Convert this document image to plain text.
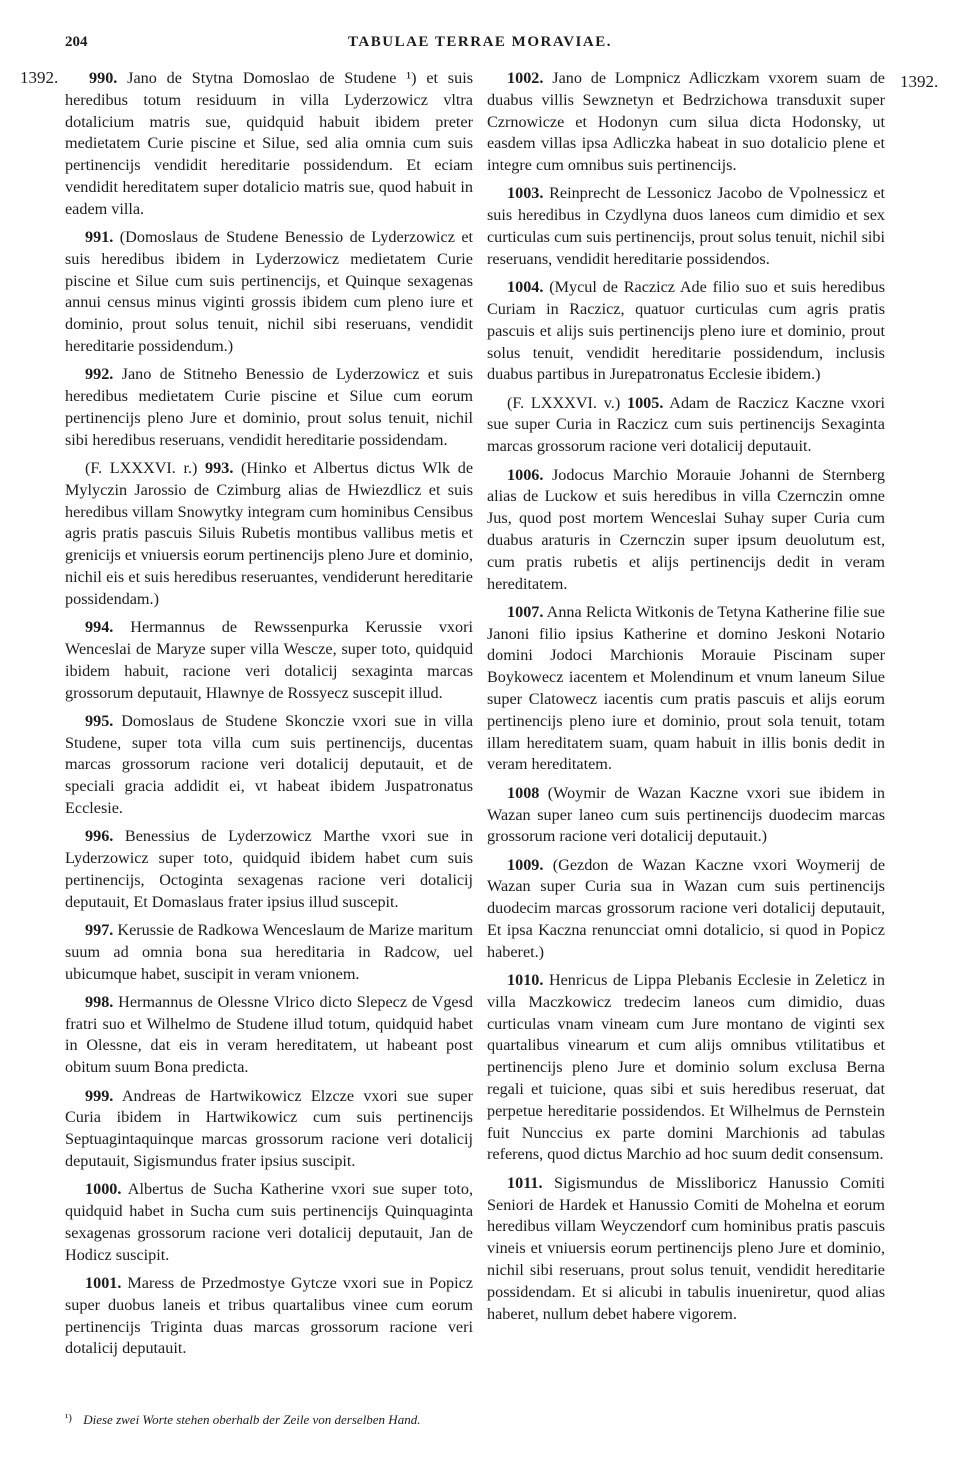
204	TABULAE TERRAE MORAVIAE.
1392.	1392.

990. Jano de Stytna Domoslao de Studene ¹) et suis heredibus totum residuum in villa Lyderzowicz vltra dotalicium matris sue, quidquid habuit ibidem preter medietatem Curie piscine et Silue, sed alia omnia cum suis pertinencijs vendidit hereditarie possidendum. Et eciam vendidit hereditatem super dotalicio matris sue, quod habuit in eadem villa.

991. (Domoslaus de Studene Benessio de Lyderzowicz et suis heredibus ibidem in Lyderzowicz medietatem Curie piscine et Silue cum suis pertinencijs, et Quinque sexagenas annui census minus viginti grossis ibidem cum pleno iure et dominio, prout solus tenuit, nichil sibi reseruans, vendidit hereditarie possidendum.)

992. Jano de Stitneho Benessio de Lyderzowicz et suis heredibus medietatem Curie piscine et Silue cum eorum pertinencijs pleno Jure et dominio, prout solus tenuit, nichil sibi heredibus reseruans, vendidit hereditarie possidendam.

(F. LXXXVI. r.) 993. (Hinko et Albertus dictus Wlk de Mylyczin Jarossio de Czimburg alias de Hwiezdlicz et suis heredibus villam Snowytky integram cum hominibus Censibus agris pratis pascuis Siluis Rubetis montibus vallibus metis et grenicijs et vniuersis eorum pertinencijs pleno Jure et dominio, nichil eis et suis heredibus reseruantes, vendiderunt hereditarie possidendam.)

994. Hermannus de Rewssenpurka Kerussie vxori Wenceslai de Maryze super villa Wescze, super toto, quidquid ibidem habuit, racione veri dotalicij sexaginta marcas grossorum deputauit, Hlawnye de Rossyecz suscepit illud.

995. Domoslaus de Studene Skonczie vxori sue in villa Studene, super tota villa cum suis pertinencijs, ducentas marcas grossorum racione veri dotalicij deputauit, et de speciali gracia addidit ei, vt habeat ibidem Juspatronatus Ecclesie.

996. Benessius de Lyderzowicz Marthe vxori sue in Lyderzowicz super toto, quidquid ibidem habet cum suis pertinencijs, Octoginta sexagenas racione veri dotalicij deputauit, Et Domaslaus frater ipsius illud suscepit.

997. Kerussie de Radkowa Wenceslaum de Marize maritum suum ad omnia bona sua hereditaria in Radcow, uel ubicumque habet, suscipit in veram vnionem.

998. Hermannus de Olessne Vlrico dicto Slepecz de Vgesd fratri suo et Wilhelmo de Studene illud totum, quidquid habet in Olessne, dat eis in veram hereditatem, ut habeant post obitum suum Bona predicta.

999. Andreas de Hartwikowicz Elzcze vxori sue super Curia ibidem in Hartwikowicz cum suis pertinencijs Septuagintaquinque marcas grossorum racione veri dotalicij deputauit, Sigismundus frater ipsius suscipit.

1000. Albertus de Sucha Katherine vxori sue super toto, quidquid habet in Sucha cum suis pertinencijs Quinquaginta sexagenas grossorum racione veri dotalicij deputauit, Jan de Hodicz suscipit.

1001. Maress de Przedmostye Gytcze vxori sue in Popicz super duobus laneis et tribus quartalibus vinee cum eorum pertinencijs Triginta duas marcas grossorum racione veri dotalicij deputauit.

1002. Jano de Lompnicz Adliczkam vxorem suam de duabus villis Sewznetyn et Bedrzichowa transduxit super Czrnowicze et Hodonyn cum silua dicta Hodonsky, ut easdem villas ipsa Adliczka habeat in suo dotalicio plene et integre cum omnibus suis pertinencijs.

1003. Reinprecht de Lessonicz Jacobo de Vpolnessicz et suis heredibus in Czydlyna duos laneos cum dimidio et sex curticulas cum suis pertinencijs, prout solus tenuit, nichil sibi reseruans, vendidit hereditarie possidendos.

1004. (Mycul de Raczicz Ade filio suo et suis heredibus Curiam in Raczicz, quatuor curticulas cum agris pratis pascuis et alijs suis pertinencijs pleno iure et dominio, prout solus tenuit, vendidit hereditarie possidendum, inclusis duabus partibus in Jurepatronatus Ecclesie ibidem.)

(F. LXXXVI. v.) 1005. Adam de Raczicz Kaczne vxori sue super Curia in Raczicz cum suis pertinencijs Sexaginta marcas grossorum racione veri dotalicij deputauit.

1006. Jodocus Marchio Morauie Johanni de Sternberg alias de Luckow et suis heredibus in villa Czernczin omne Jus, quod post mortem Wenceslai Suhay super Curia cum duabus araturis in Czernczin super ipsum deuolutum est, cum pratis rubetis et alijs pertinencijs dedit in veram hereditatem.

1007. Anna Relicta Witkonis de Tetyna Katherine filie sue Janoni filio ipsius Katherine et domino Jeskoni Notario domini Jodoci Marchionis Morauie Piscinam super Boykowecz iacentem et Molendinum et vnum laneum Silue super Clatowecz iacentis cum pratis pascuis et alijs eorum pertinencijs pleno iure et dominio, prout sola tenuit, totam illam hereditatem suam, quam habuit in illis bonis dedit in veram hereditatem.

1008 (Woymir de Wazan Kaczne vxori sue ibidem in Wazan super laneo cum suis pertinencijs duodecim marcas grossorum racione veri dotalicij deputauit.)

1009. (Gezdon de Wazan Kaczne vxori Woymerij de Wazan super Curia sua in Wazan cum suis pertinencijs duodecim marcas grossorum racione veri dotalicij deputauit, Et ipsa Kaczna renunccіat omni dotalicio, si quod in Popicz haberet.)

1010. Henricus de Lippa Plebanis Ecclesie in Zeleticz in villa Maczkowicz tredecim laneos cum dimidio, duas curticulas vnam vineam cum Jure montano de viginti sex quartalibus vinearum et cum alijs omnibus vtilitatibus et pertinencijs pleno Jure et dominio solum exclusa Berna regali et tuicione, quas sibi et suis heredibus reseruat, dat perpetue hereditarie possidendos. Et Wilhelmus de Pernstein fuit Nunccius ex parte domini Marchionis ad tabulas referens, quod dictus Marchio ad hoc suum dedit consensum.

1011. Sigismundus de Missliboricz Hanussio Comiti Seniori de Hardek et Hanussio Comiti de Mohelna et eorum heredibus villam Weyczendorf cum hominibus pratis pascuis vineis et vniuersis eorum pertinencijs pleno Jure et dominio, nichil sibi reseruans, prout solus tenuit, vendidit hereditarie possidendam. Et si alicubi in tabulis inueniretur, quod alias haberet, nullum debet habere vigorem.

$^{^1)}$ Diese zwei Worte stehen oberhalb der Zeile von derselben Hand.
